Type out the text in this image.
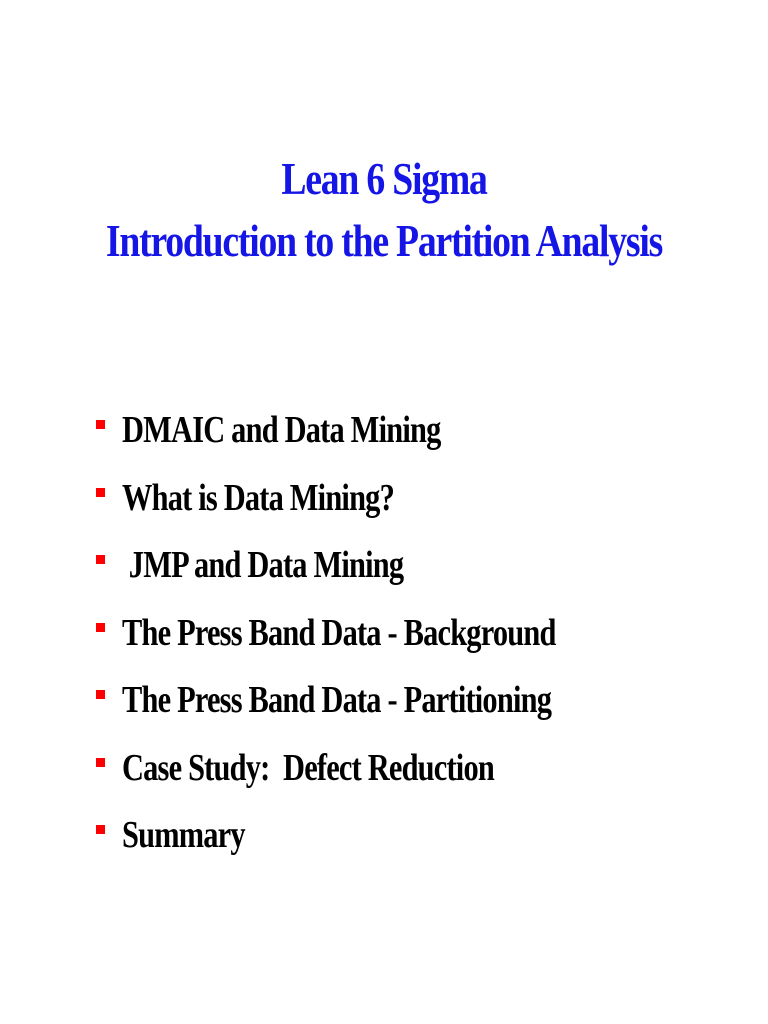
Lean 6 Sigma
Introduction to the Partition Analysis
DMAIC and Data Mining
What is Data Mining?
JMP and Data Mining
The Press Band Data - Background
The Press Band Data - Partitioning
Case Study:  Defect Reduction
Summary
